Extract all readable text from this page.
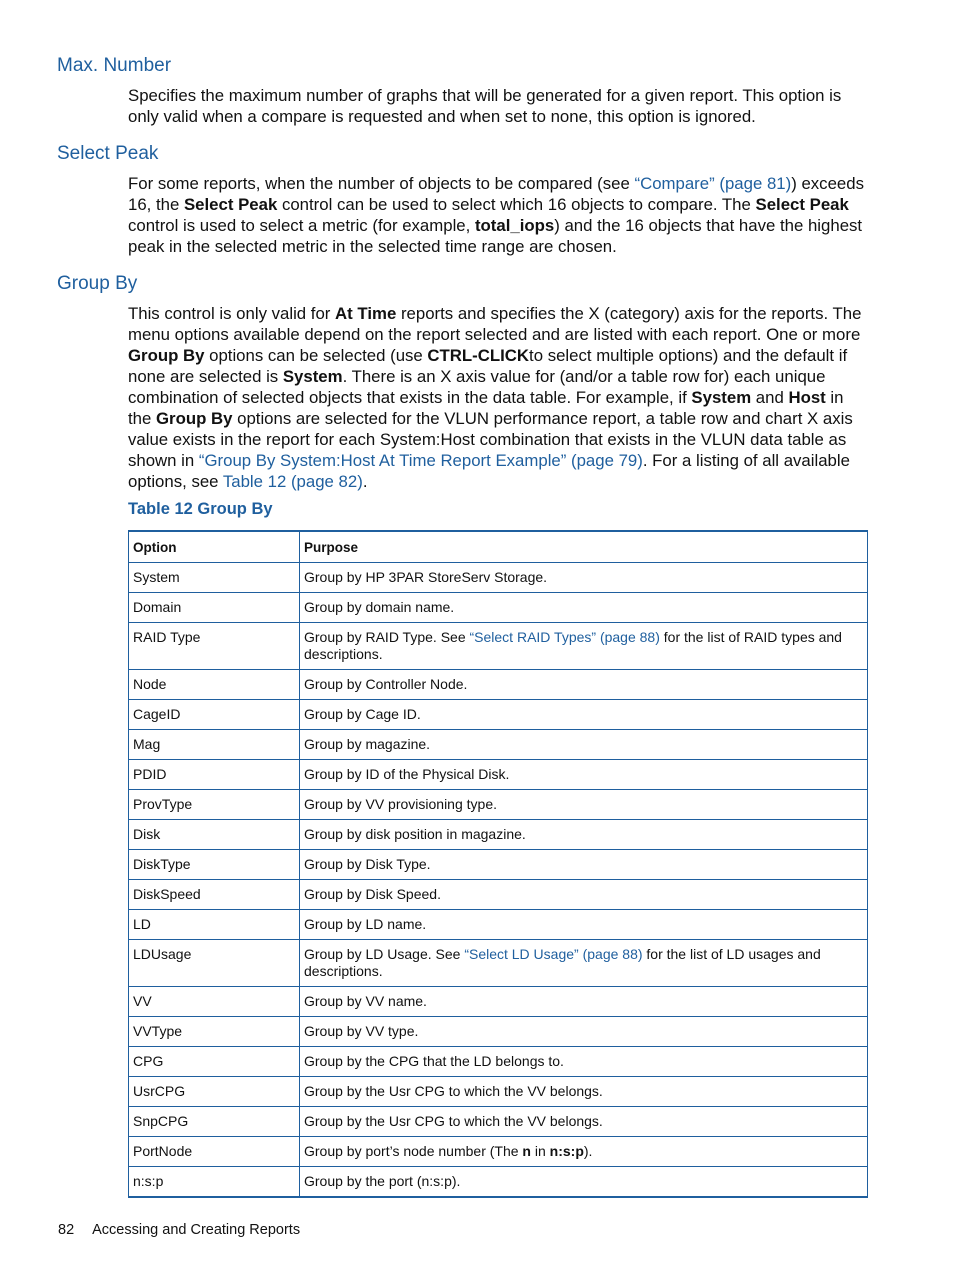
Max. Number

Specifies the maximum number of graphs that will be generated for a given report. This option is only valid when a compare is requested and when set to none, this option is ignored.

Select Peak

For some reports, when the number of objects to be compared (see “Compare” (page 81)) exceeds 16, the Select Peak control can be used to select which 16 objects to compare. The Select Peak control is used to select a metric (for example, total_iops) and the 16 objects that have the highest peak in the selected metric in the selected time range are chosen.

Group By

This control is only valid for At Time reports and specifies the X (category) axis for the reports. The menu options available depend on the report selected and are listed with each report. One or more Group By options can be selected (use CTRL-CLICKto select multiple options) and the default if none are selected is System. There is an X axis value for (and/or a table row for) each unique combination of selected objects that exists in the data table. For example, if System and Host in the Group By options are selected for the VLUN performance report, a table row and chart X axis value exists in the report for each System:Host combination that exists in the VLUN data table as shown in “Group By System:Host At Time Report Example” (page 79). For a listing of all available options, see Table 12 (page 82).

Table 12 Group By

Option	Purpose
System	Group by HP 3PAR StoreServ Storage.
Domain	Group by domain name.
RAID Type	Group by RAID Type. See “Select RAID Types” (page 88) for the list of RAID types and descriptions.
Node	Group by Controller Node.
CageID	Group by Cage ID.
Mag	Group by magazine.
PDID	Group by ID of the Physical Disk.
ProvType	Group by VV provisioning type.
Disk	Group by disk position in magazine.
DiskType	Group by Disk Type.
DiskSpeed	Group by Disk Speed.
LD	Group by LD name.
LDUsage	Group by LD Usage. See “Select LD Usage” (page 88) for the list of LD usages and descriptions.
VV	Group by VV name.
VVType	Group by VV type.
CPG	Group by the CPG that the LD belongs to.
UsrCPG	Group by the Usr CPG to which the VV belongs.
SnpCPG	Group by the Usr CPG to which the VV belongs.
PortNode	Group by port’s node number (The n in n:s:p).
n:s:p	Group by the port (n:s:p).
82 Accessing and Creating Reports
